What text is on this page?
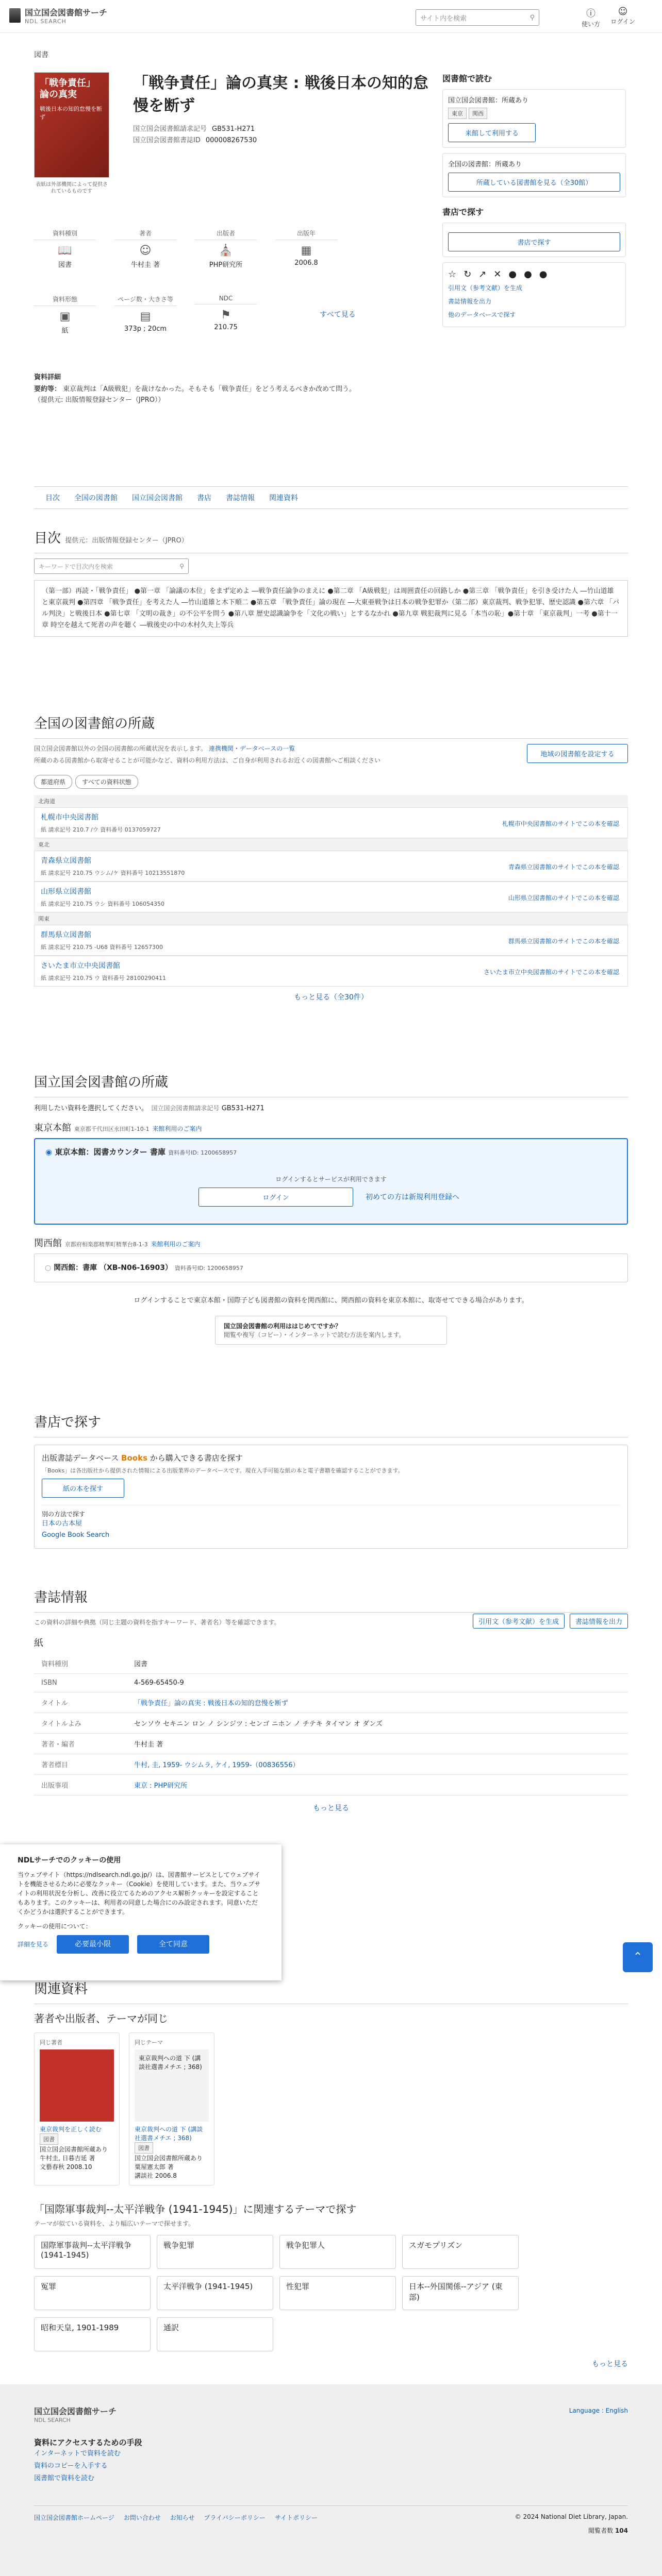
国立国会図書館サーチ
NDL SEARCH	サイト内を検索	⚲	ⓘ
使い方
☺
ログイン
図書
「戦争責任」論の真実
戦後日本の知的怠慢を断ず
表紙は外部機関によって提供されているものです
「戦争責任」論の真実 : 戦後日本の知的怠慢を断ず
国立国会図書館請求記号 GB531-H271
国立国会図書館書誌ID 000008267530
資料種別
📖
図書
著者
☺
牛村圭 著
出版者
⛪
PHP研究所
出版年
▦
2006.8
資料形態
▣
紙
ページ数・大きさ等
▤
373p ; 20cm
NDC
⚑
210.75
すべて見る
資料詳細
要約等： 東京裁判は「A級戦犯」を裁けなかった。そもそも「戦争責任」をどう考えるべきか改めて問う。
（提供元: 出版情報登録センター（JPRO））
図書館で読む
国立国会図書館：所蔵あり
東京 関西
来館して利用する
全国の図書館：所蔵あり
所蔵している図書館を見る（全30館）
書店で探す
書店で探す
☆↻↗✕●●●
引用文（参考文献）を生成
書誌情報を出力
他のデータベースで探す
目次 全国の図書館 国立国会図書館 書店 書誌情報 関連資料
目次 提供元：出版情報登録センター（JPRO）
キーワードで目次内を検索	⚲
（第一部）再読・「戦争責任」 ●第一章 「論議の本位」をまず定めよ ―戦争責任論争のまえに ●第二章 「A級戦犯」は周囲責任の回路しか ●第三章 「戦争責任」を引き受けた人 ―竹山道雄と東京裁判 ●第四章 「戦争責任」を考えた人 ―竹山道雄と木下順二 ●第五章 「戦争責任」論の現在 ―大東亜戦争は日本の戦争犯罪か（第二部）東京裁判、戦争犯罪、歴史認識 ●第六章 「パル判決」と戦後日本 ●第七章 「文明の裁き」の不公平を問う ●第八章 歴史認識論争を「文化の戦い」とするなかれ ●第九章 戦犯裁判に見る「本当の恥」●第十章 「東京裁判」一考 ●第十一章 時空を越えて死者の声を聴く ―戦後史の中の木村久夫上等兵
全国の図書館の所蔵
国立国会図書館以外の全国の図書館の所蔵状況を表示します。 連携機関・データベースの一覧
所蔵のある図書館から取寄せることが可能かなど、資料の利用方法は、ご自身が利用されるお近くの図書館へご相談ください
地域の図書館を設定する
都道府県	すべての資料状態
北海道
札幌市中央図書館
紙 請求記号 210.7 /ウ 資料番号 0137059727
札幌市中央図書館のサイトでこの本を確認
東北
青森県立図書館
紙 請求記号 210.75 ウシム/ケ 資料番号 10213551870
青森県立図書館のサイトでこの本を確認
山形県立図書館
紙 請求記号 210.75 ウシ 資料番号 106054350
山形県立図書館のサイトでこの本を確認
関東
群馬県立図書館
紙 請求記号 210.75 -U68 資料番号 12657300
群馬県立図書館のサイトでこの本を確認
さいたま市立中央図書館
紙 請求記号 210.75 ウ 資料番号 28100290411
さいたま市立中央図書館のサイトでこの本を確認
もっと見る（全30件）
国立国会図書館の所蔵
利用したい資料を選択してください。　 国立国会図書館請求記号 GB531-H271
東京本館 東京都千代田区永田町1-10-1 来館利用のご案内
◉ 東京本館：図書カウンター 書庫 資料番号ID: 1200658957
ログインするとサービスが利用できます
ログイン	初めての方は新規利用登録へ
関西館 京都府相楽郡精華町精華台8-1-3 来館利用のご案内
○ 関西館：書庫 （XB-N06-16903） 資料番号ID: 1200658957
ログインすることで東京本館・国際子ども図書館の資料を関西館に、関西館の資料を東京本館に、取寄せてできる場合があります。
国立国会図書館の利用ははじめてですか？
閲覧や複写（コピー）・インターネットで読む方法を案内します。
書店で探す
出版書誌データベース Books から購入できる書店を探す
「Books」は各出版社から提供された情報による出版業界のデータベースです。現在入手可能な紙の本と電子書籍を確認することができます。
紙の本を探す
別の方法で探す
日本の古本屋
Google Book Search
書誌情報
この資料の詳細や典拠（同じ主題の資料を指すキーワード、著者名）等を確認できます。	引用文（参考文献）を生成	書誌情報を出力
紙
資料種別	図書
ISBN	4-569-65450-9
タイトル	「戦争責任」論の真実 : 戦後日本の知的怠慢を断ず
タイトルよみ	センソウ セキニン ロン ノ シンジツ : センゴ ニホン ノ チテキ タイマン オ ダンズ
著者・編者	牛村圭 著
著者標目	牛村, 圭, 1959- ウシムラ, ケイ, 1959-（00836556）
出版事項	東京 : PHP研究所
もっと見る
関連資料
著者や出版者、テーマが同じ
同じ著者
東京裁判を正しく読む
図書
国立国会図書館所蔵あり
牛村圭, 日暮吉延 著
文藝春秋 2008.10
同じテーマ
東京裁判への道 下 (講談社選書メチエ ; 368)
東京裁判への道 下 (講談社選書メチエ ; 368)
図書
国立国会図書館所蔵あり
粟屋憲太郎 著
講談社 2006.8
「国際軍事裁判--太平洋戦争 (1941-1945)」に関連するテーマで探す
テーマが似ている資料を、より幅広いテーマで探せます。
国際軍事裁判--太平洋戦争 (1941-1945)戦争犯罪	戦争犯罪人	スガモプリズン冤罪	太平洋戦争 (1941-1945)	性犯罪	日本--外国関係--アジア (東部)昭和天皇, 1901-1989	通訳
もっと見る
NDLサーチでのクッキーの使用
当ウェブサイト（https://ndlsearch.ndl.go.jp/）は、図書館サービスとしてウェブサイトを機能させるために必要なクッキー（Cookie）を使用しています。また、当ウェブサイトの利用状況を分析し、改善に役立てるためのアクセス解析クッキーを設定することもあります。このクッキーは、利用者の同意した場合にのみ設定されます。同意いただくかどうかは選択することができます。
クッキーの使用について：
詳細を見る	必要最小限	全て同意
⌃
国立国会図書館サーチ
NDL SEARCH
Language : English
資料にアクセスするための手段
インターネットで資料を読む
資料のコピーを入手する
図書館で資料を読む
国立国会図書館ホームページ お問い合わせ お知らせ プライバシーポリシー サイトポリシー	© 2024 National Diet Library, Japan.
閲覧者数 104
